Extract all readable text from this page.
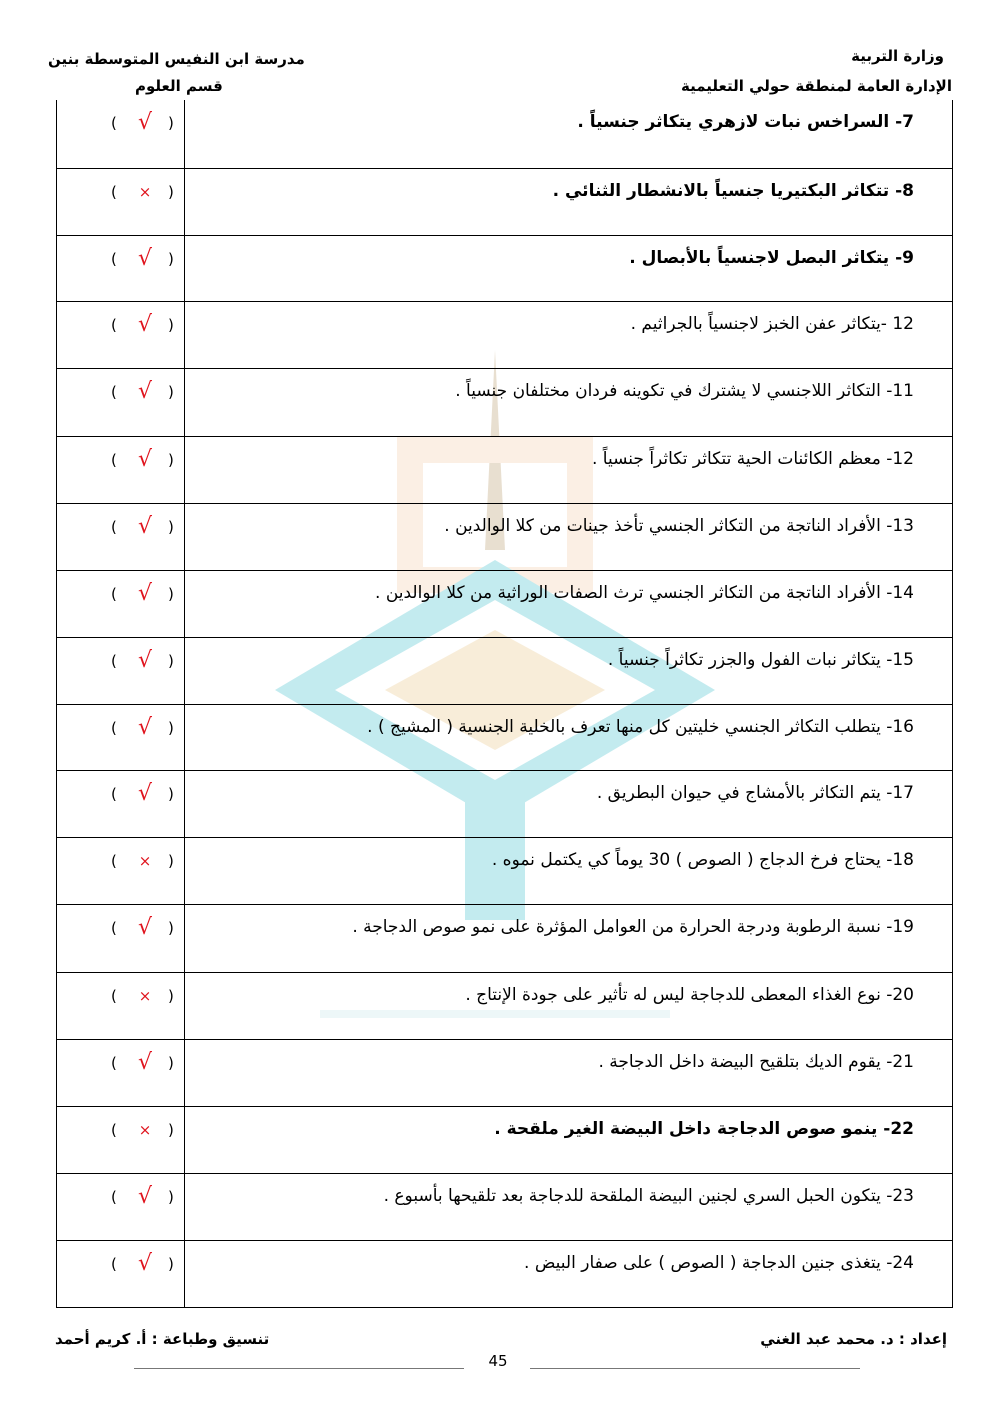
وزارة التربية
الإدارة العامة لمنطقة حولي التعليمية
مدرسة ابن النفيس المتوسطة بنين
قسم العلوم
( √	)	7- السراخس نبات لازهري يتكاثر جنسياً .
(	×	)	8- تتكاثر البكتيريا جنسياً بالانشطار الثنائي .
( √	)	9- يتكاثر البصل لاجنسياً بالأبصال .
( √	)	12 -يتكاثر عفن الخبز لاجنسياً بالجراثيم .
( √	)	11- التكاثر اللاجنسي لا يشترك في تكوينه فردان مختلفان جنسياً .
( √	)	12- معظم الكائنات الحية تتكاثر تكاثراً جنسياً .
( √	)	13- الأفراد الناتجة من التكاثر الجنسي تأخذ جينات من كلا الوالدين .
( √	)	14- الأفراد الناتجة من التكاثر الجنسي ترث الصفات الوراثية من كلا الوالدين .
( √	)	15- يتكاثر نبات الفول والجزر تكاثراً جنسياً .
( √	)	16- يتطلب التكاثر الجنسي خليتين كل منها تعرف بالخلية الجنسية ( المشيج ) .
( √	)	17- يتم التكاثر بالأمشاج في حيوان البطريق .
(	×	)	18- يحتاج فرخ الدجاج ( الصوص ) 30 يوماً كي يكتمل نموه .
( √	)	19- نسبة الرطوبة ودرجة الحرارة من العوامل المؤثرة على نمو صوص الدجاجة .
(	×	)	20- نوع الغذاء المعطى للدجاجة ليس له تأثير على جودة الإنتاج .
( √	)	21- يقوم الديك بتلقيح البيضة داخل الدجاجة .
(	×	)	22- ينمو صوص الدجاجة داخل البيضة الغير ملقحة .
( √	)	23- يتكون الحبل السري لجنين البيضة الملقحة للدجاجة بعد تلقيحها بأسبوع .
( √	)	24- يتغذى جنين الدجاجة ( الصوص ) على صفار البيض .
إعداد : د. محمد عبد الغني
تنسيق وطباعة : أ. كريم أحمد
45
